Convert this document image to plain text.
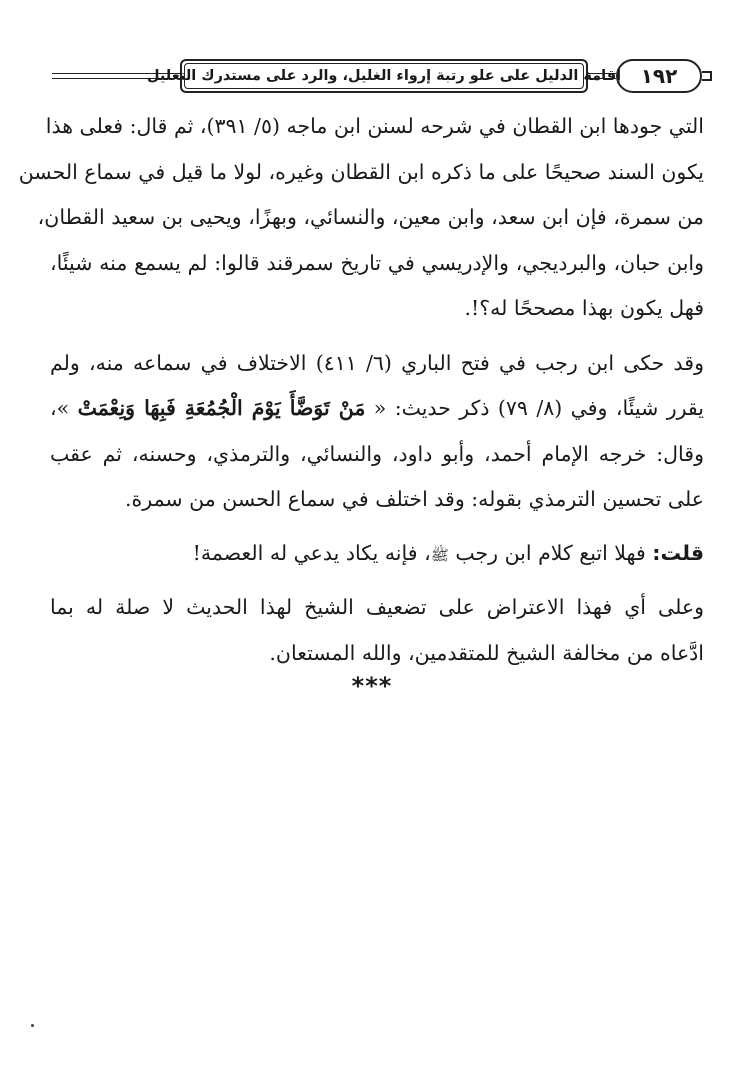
إقامة الدليل على علو رتبة إرواء الغليل، والرد على مستدرك التعليل ١٩٢

التي جودها ابن القطان في شرحه لسنن ابن ماجه (٥/ ٣٩١)، ثم قال: فعلى هذا
يكون السند صحيحًا على ما ذكره ابن القطان وغيره، لولا ما قيل في سماع الحسن
من سمرة، فإن ابن سعد، وابن معين، والنسائي، وبهزًا، ويحيى بن سعيد القطان،
وابن حبان، والبرديجي، والإدريسي في تاريخ سمرقند قالوا: لم يسمع منه شيئًا،
فهل يكون بهذا مصححًا له؟!.

وقد حكى ابن رجب في فتح الباري (٦/ ٤١١) الاختلاف في سماعه منه، ولم
يقرر شيئًا، وفي (٨/ ٧٩) ذكر حديث: « مَنْ تَوَضَّأَ يَوْمَ الْجُمُعَةِ فَبِهَا وَنِعْمَتْ »،
وقال: خرجه الإمام أحمد، وأبو داود، والنسائي، والترمذي، وحسنه، ثم عقب
على تحسين الترمذي بقوله: وقد اختلف في سماع الحسن من سمرة.

قلت: فهلا اتبع كلام ابن رجب ﷺ، فإنه يكاد يدعي له العصمة!

وعلى أي فهذا الاعتراض على تضعيف الشيخ لهذا الحديث لا صلة له بما
ادَّعاه من مخالفة الشيخ للمتقدمين، والله المستعان.

***
